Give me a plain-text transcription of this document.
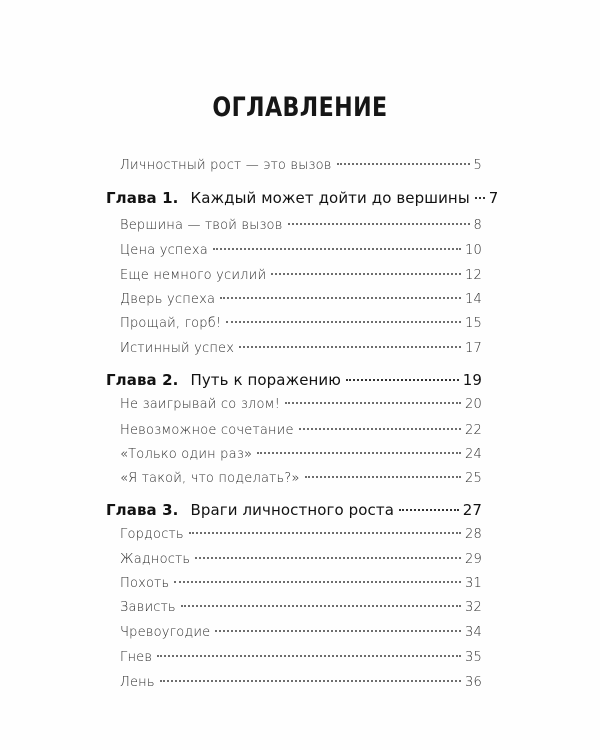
ОГЛАВЛЕНИЕ
Личностный рост — это вызов	5
Глава 1. Каждый может дойти до вершины 7
Вершина — твой вызов	8
Цена успеха	10
Еще немного усилий	12
Дверь успеха	14
Прощай, горб!	15
Истинный успех	17
Глава 2. Путь к поражению	19
Не заигрывай со злом!	20
Невозможное сочетание	22
«Только один раз»	24
«Я такой, что поделать?»	25
Глава 3. Враги личностного роста	27
Гордость	28
Жадность	29
Похоть	31
Зависть	32
Чревоугодие	34
Гнев	35
Лень	36
